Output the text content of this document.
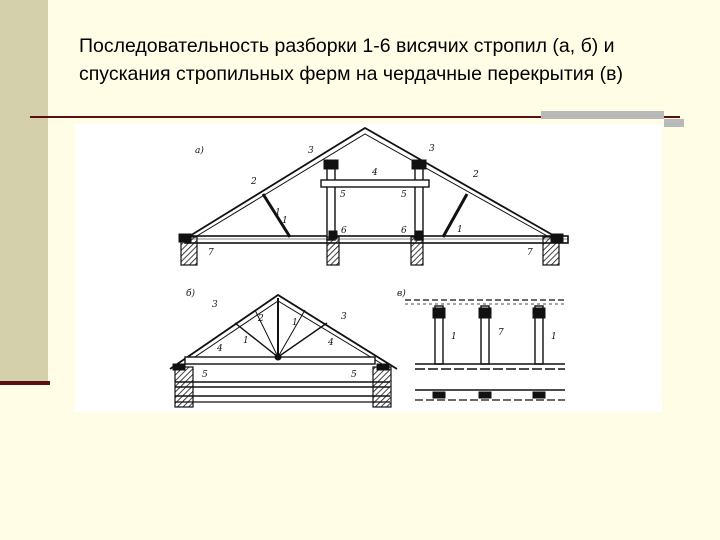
Последовательность разборки 1-6 висячих стропил (а, б) и спускания стропильных ферм на чердачные перекрытия (в)
а)
1
2
3
4
5
6
7
1
2
3
5
6
7
1
б)
3
2	1
3
1
4
4
5	5
в)
1	7	1
